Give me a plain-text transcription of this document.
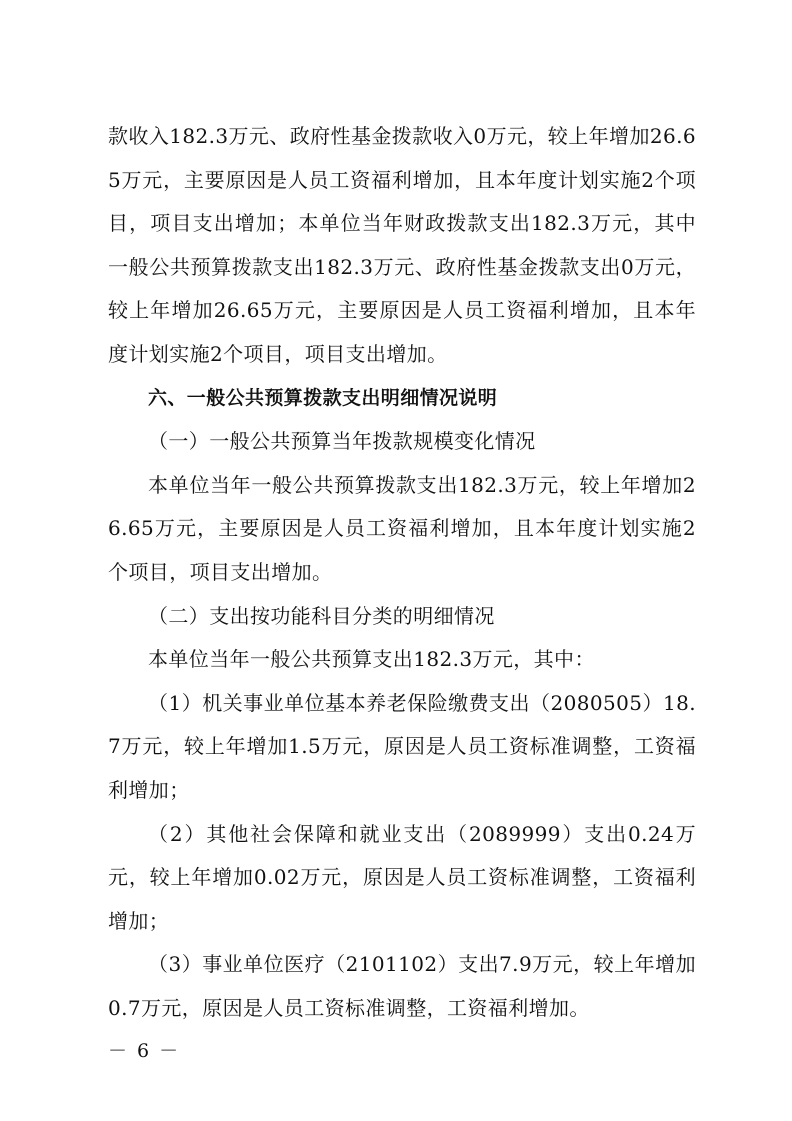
款收入182.3万元、政府性基金拨款收入0万元，较上年增加26.65万元，主要原因是人员工资福利增加，且本年度计划实施2个项目，项目支出增加；本单位当年财政拨款支出182.3万元，其中一般公共预算拨款支出182.3万元、政府性基金拨款支出0万元，较上年增加26.65万元，主要原因是人员工资福利增加，且本年度计划实施2个项目，项目支出增加。

六、一般公共预算拨款支出明细情况说明

（一）一般公共预算当年拨款规模变化情况

本单位当年一般公共预算拨款支出182.3万元，较上年增加26.65万元，主要原因是人员工资福利增加，且本年度计划实施2个项目，项目支出增加。

（二）支出按功能科目分类的明细情况

本单位当年一般公共预算支出182.3万元，其中：

（1）机关事业单位基本养老保险缴费支出（2080505）18.7万元，较上年增加1.5万元，原因是人员工资标准调整，工资福利增加；

（2）其他社会保障和就业支出（2089999）支出0.24万元，较上年增加0.02万元，原因是人员工资标准调整，工资福利增加；

（3）事业单位医疗（2101102）支出7.9万元，较上年增加0.7万元，原因是人员工资标准调整，工资福利增加。

－ 6 －
